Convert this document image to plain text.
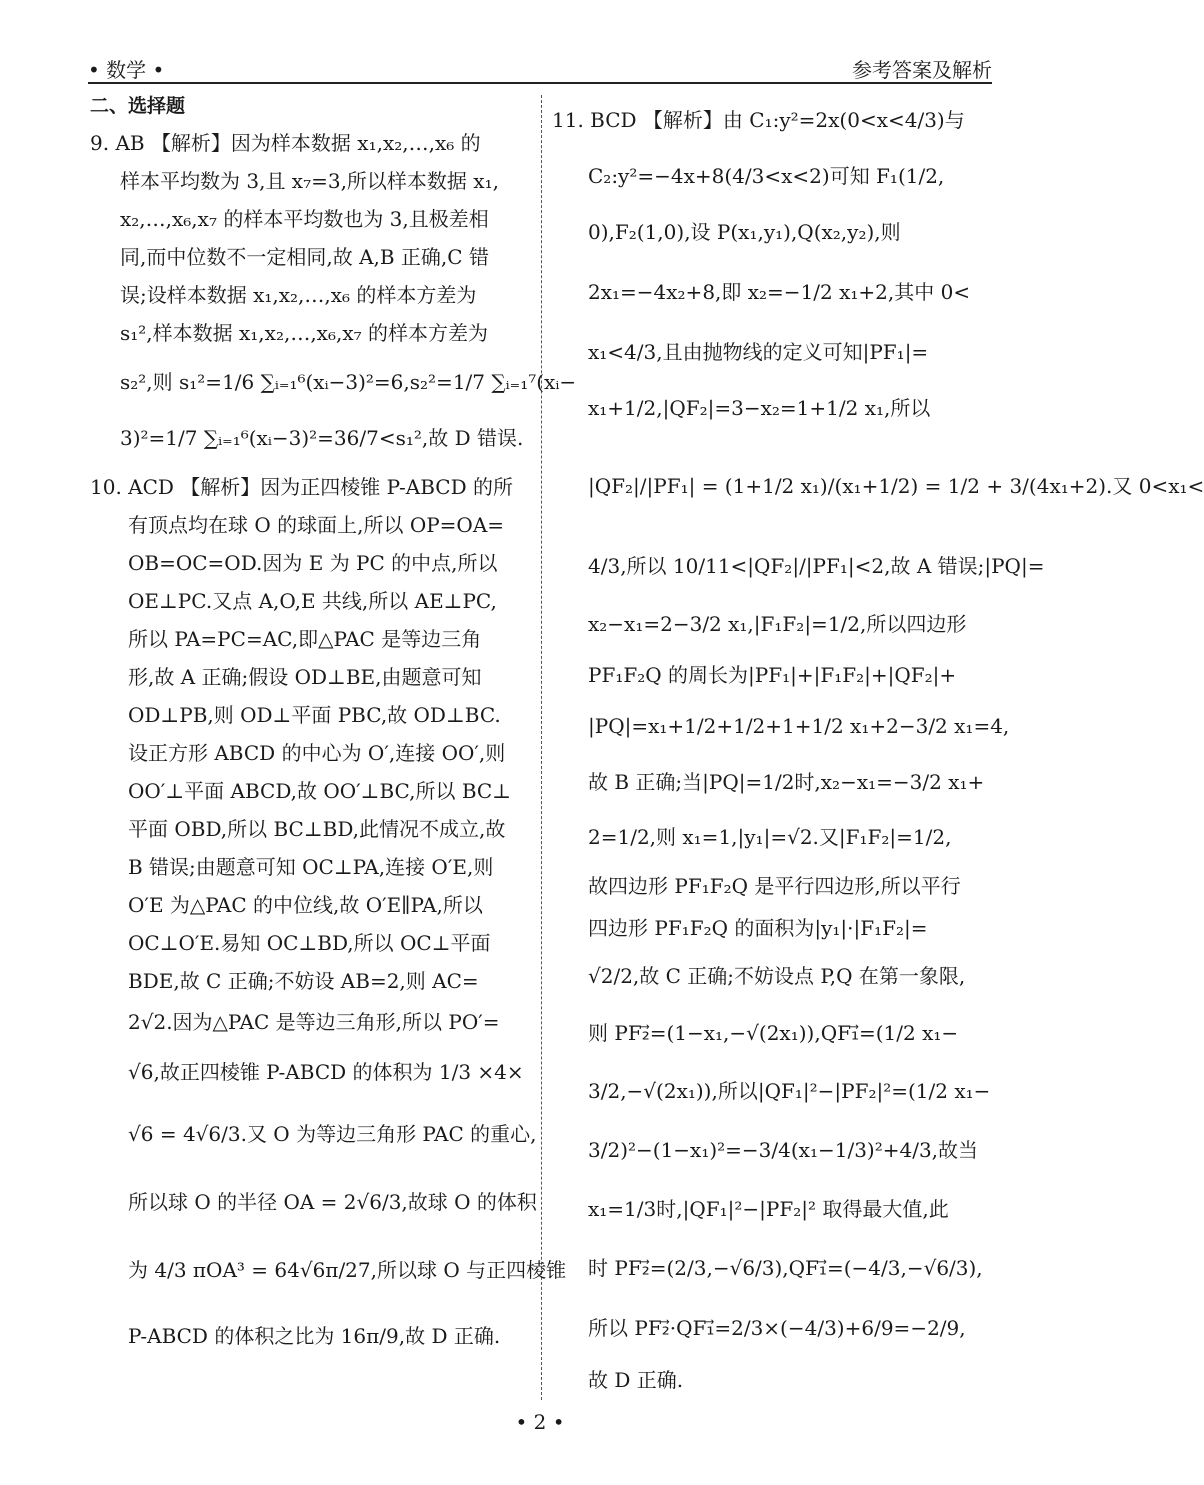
• 数学 •	参考答案及解析
二、选择题
9. AB 【解析】因为样本数据 x₁,x₂,…,x₆ 的
样本平均数为 3,且 x₇=3,所以样本数据 x₁,
x₂,…,x₆,x₇ 的样本平均数也为 3,且极差相
同,而中位数不一定相同,故 A,B 正确,C 错
误;设样本数据 x₁,x₂,…,x₆ 的样本方差为
s₁²,样本数据 x₁,x₂,…,x₆,x₇ 的样本方差为
s₂²,则 s₁²=1/6 ∑ᵢ₌₁⁶(xᵢ−3)²=6,s₂²=1/7 ∑ᵢ₌₁⁷(xᵢ−
3)²=1/7 ∑ᵢ₌₁⁶(xᵢ−3)²=36/7<s₁²,故 D 错误.
10. ACD 【解析】因为正四棱锥 P-ABCD 的所
有顶点均在球 O 的球面上,所以 OP=OA=
OB=OC=OD.因为 E 为 PC 的中点,所以
OE⊥PC.又点 A,O,E 共线,所以 AE⊥PC,
所以 PA=PC=AC,即△PAC 是等边三角
形,故 A 正确;假设 OD⊥BE,由题意可知
OD⊥PB,则 OD⊥平面 PBC,故 OD⊥BC.
设正方形 ABCD 的中心为 O′,连接 OO′,则
OO′⊥平面 ABCD,故 OO′⊥BC,所以 BC⊥
平面 OBD,所以 BC⊥BD,此情况不成立,故
B 错误;由题意可知 OC⊥PA,连接 O′E,则
O′E 为△PAC 的中位线,故 O′E∥PA,所以
OC⊥O′E.易知 OC⊥BD,所以 OC⊥平面
BDE,故 C 正确;不妨设 AB=2,则 AC=
2√2.因为△PAC 是等边三角形,所以 PO′=
√6,故正四棱锥 P-ABCD 的体积为 1/3 ×4×
√6 = 4√6/3.又 O 为等边三角形 PAC 的重心,
所以球 O 的半径 OA = 2√6/3,故球 O 的体积
为 4/3 πOA³ = 64√6π/27,所以球 O 与正四棱锥
P-ABCD 的体积之比为 16π/9,故 D 正确.
11. BCD 【解析】由 C₁:y²=2x(0<x<4/3)与
C₂:y²=−4x+8(4/3<x<2)可知 F₁(1/2,
0),F₂(1,0),设 P(x₁,y₁),Q(x₂,y₂),则
2x₁=−4x₂+8,即 x₂=−1/2 x₁+2,其中 0<
x₁<4/3,且由抛物线的定义可知|PF₁|=
x₁+1/2,|QF₂|=3−x₂=1+1/2 x₁,所以
|QF₂|/|PF₁| = (1+1/2 x₁)/(x₁+1/2) = 1/2 + 3/(4x₁+2).又 0<x₁<
4/3,所以 10/11<|QF₂|/|PF₁|<2,故 A 错误;|PQ|=
x₂−x₁=2−3/2 x₁,|F₁F₂|=1/2,所以四边形
PF₁F₂Q 的周长为|PF₁|+|F₁F₂|+|QF₂|+
|PQ|=x₁+1/2+1/2+1+1/2 x₁+2−3/2 x₁=4,
故 B 正确;当|PQ|=1/2时,x₂−x₁=−3/2 x₁+
2=1/2,则 x₁=1,|y₁|=√2.又|F₁F₂|=1/2,
故四边形 PF₁F₂Q 是平行四边形,所以平行
四边形 PF₁F₂Q 的面积为|y₁|·|F₁F₂|=
√2/2,故 C 正确;不妨设点 P,Q 在第一象限,
则 PF₂⃗=(1−x₁,−√(2x₁)),QF₁⃗=(1/2 x₁−
3/2,−√(2x₁)),所以|QF₁|²−|PF₂|²=(1/2 x₁−
3/2)²−(1−x₁)²=−3/4(x₁−1/3)²+4/3,故当
x₁=1/3时,|QF₁|²−|PF₂|² 取得最大值,此
时 PF₂⃗=(2/3,−√6/3),QF₁⃗=(−4/3,−√6/3),
所以 PF₂⃗·QF₁⃗=2/3×(−4/3)+6/9=−2/9,
故 D 正确.
• 2 •
